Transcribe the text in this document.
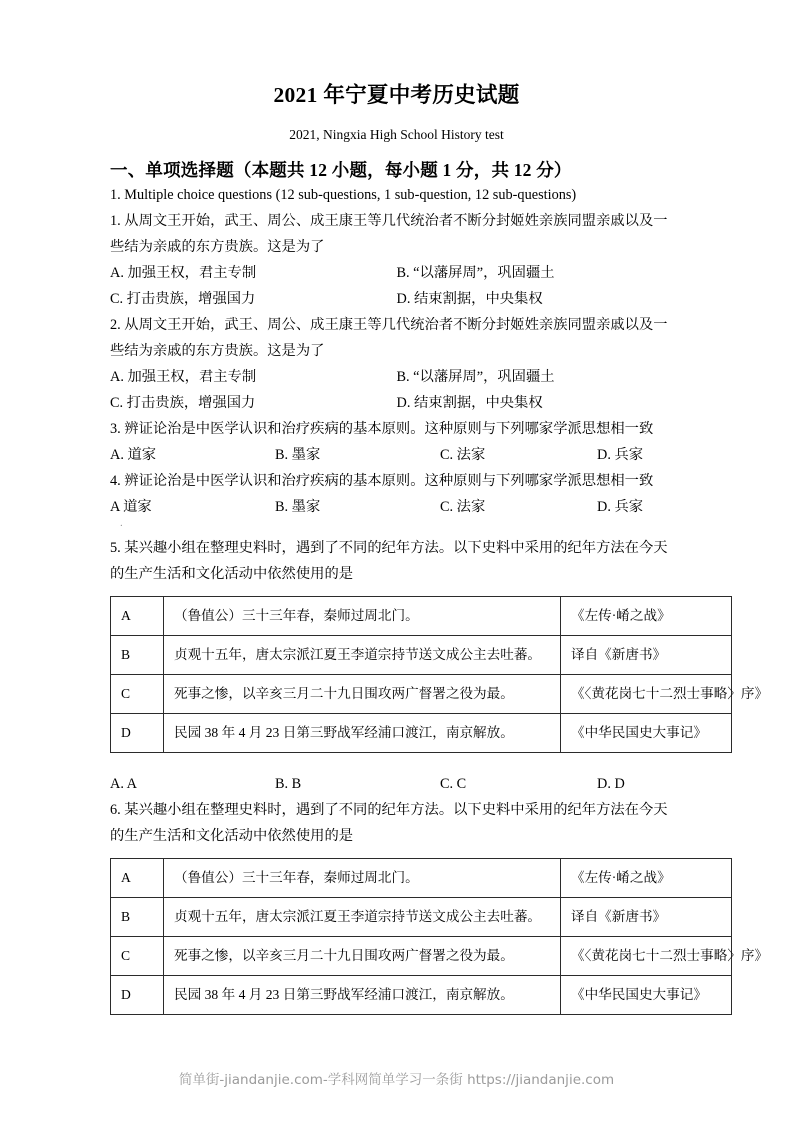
2021 年宁夏中考历史试题
2021, Ningxia High School History test
一、单项选择题（本题共 12 小题，每小题 1 分，共 12 分）
1. Multiple choice questions (12 sub-questions, 1 sub-question, 12 sub-questions)
1. 从周文王开始，武王、周公、成王康王等几代统治者不断分封姬姓亲族同盟亲戚以及一
些结为亲戚的东方贵族。这是为了
A. 加强王权，君主专制	B. “以藩屏周”，巩固疆土
C. 打击贵族，增强国力	D. 结束割据，中央集权
2. 从周文王开始，武王、周公、成王康王等几代统治者不断分封姬姓亲族同盟亲戚以及一
些结为亲戚的东方贵族。这是为了
A. 加强王权，君主专制	B. “以藩屏周”，巩固疆土
C. 打击贵族，增强国力	D. 结束割据，中央集权
3. 辨证论治是中医学认识和治疗疾病的基本原则。这种原则与下列哪家学派思想相一致
A. 道家	B. 墨家	C. 法家	D. 兵家
4. 辨证论治是中医学认识和治疗疾病的基本原则。这种原则与下列哪家学派思想相一致
A 道家	B. 墨家	C. 法家	D. 兵家
.
5. 某兴趣小组在整理史料时，遇到了不同的纪年方法。以下史料中采用的纪年方法在今天
的生产生活和文化活动中依然使用的是
A	（鲁值公）三十三年春，秦师过周北门。	《左传·崤之战》
B	贞观十五年，唐太宗派江夏王李道宗持节送文成公主去吐蕃。	译自《新唐书》
C	死事之惨，以辛亥三月二十九日围攻两广督署之役为最。	《〈黄花岗七十二烈士事略〉序》
D	民园 38 年 4 月 23 日第三野战军经浦口渡江，南京解放。	《中华民国史大事记》
A. A	B. B	C. C	D. D
6. 某兴趣小组在整理史料时，遇到了不同的纪年方法。以下史料中采用的纪年方法在今天
的生产生活和文化活动中依然使用的是
A	（鲁值公）三十三年春，秦师过周北门。	《左传·崤之战》
B	贞观十五年，唐太宗派江夏王李道宗持节送文成公主去吐蕃。	译自《新唐书》
C	死事之惨，以辛亥三月二十九日围攻两广督署之役为最。	《〈黄花岗七十二烈士事略〉序》
D	民园 38 年 4 月 23 日第三野战军经浦口渡江，南京解放。	《中华民国史大事记》
简单街-jiandanjie.com-学科网简单学习一条街 https://jiandanjie.com
